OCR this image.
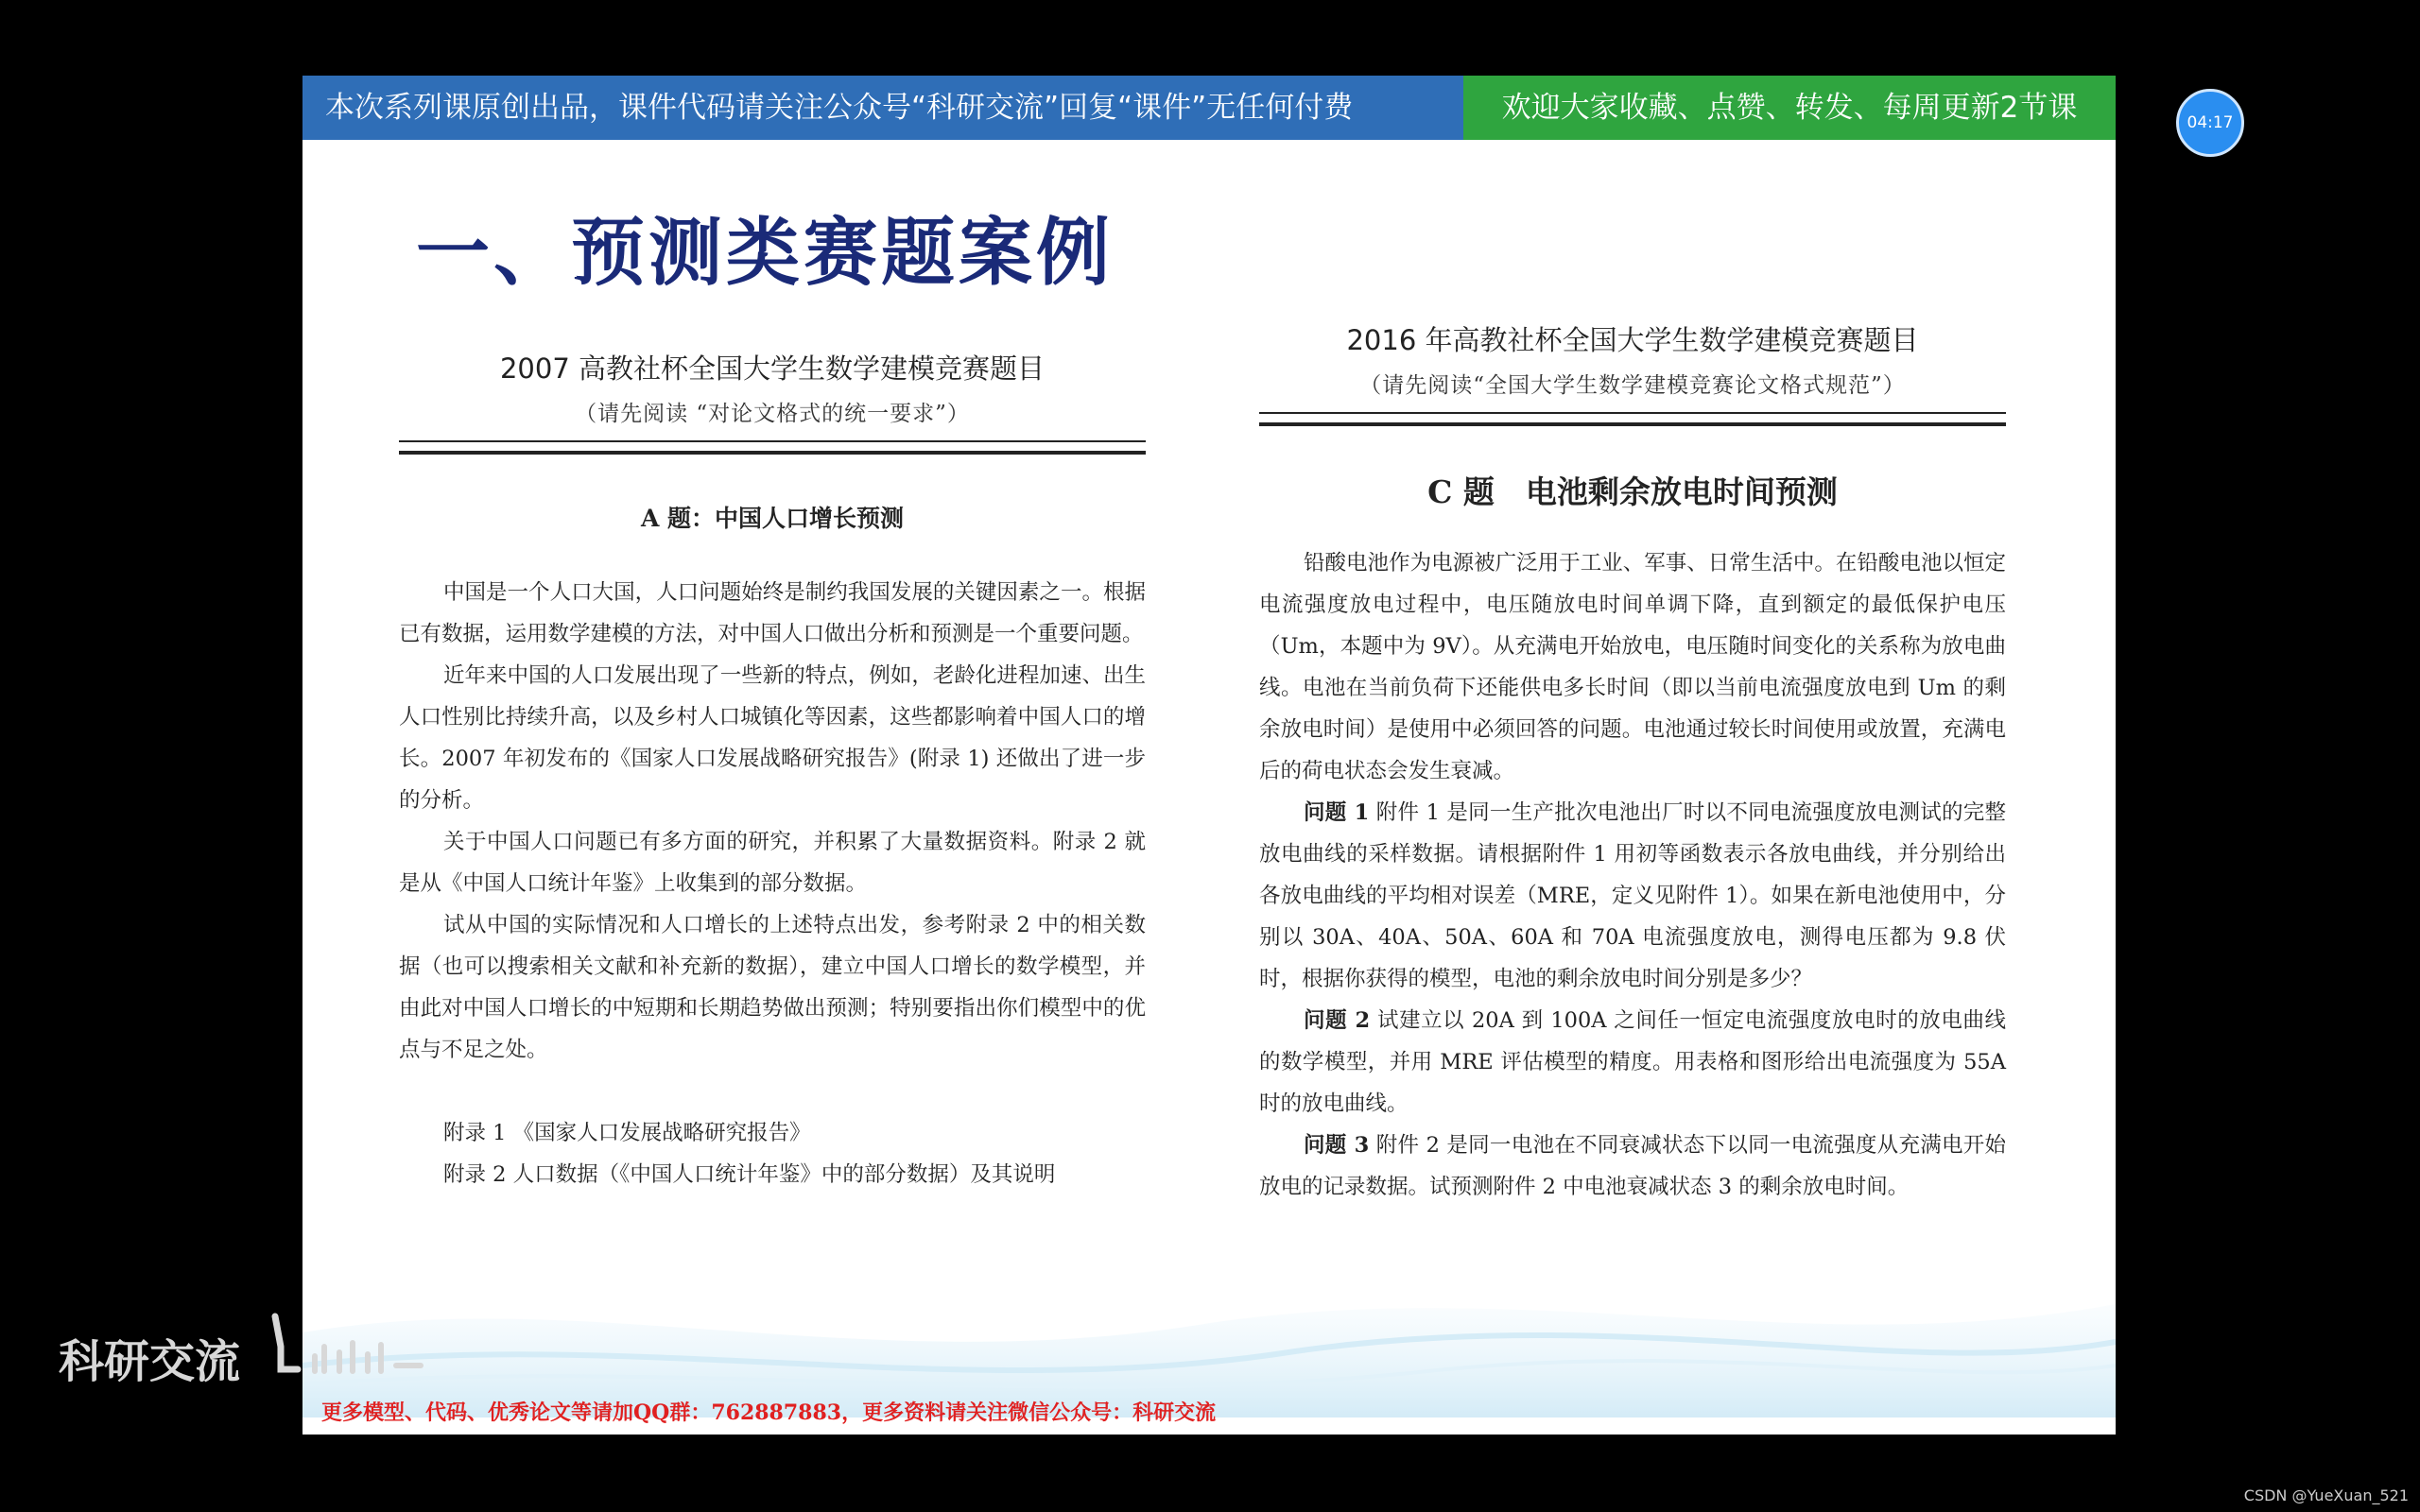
本次系列课原创出品，课件代码请关注公众号“科研交流”回复“课件”无任何付费	欢迎大家收藏、点赞、转发、每周更新2节课
一、预测类赛题案例
2007 高教社杯全国大学生数学建模竞赛题目
（请先阅读 “对论文格式的统一要求”）
A 题：中国人口增长预测

中国是一个人口大国，人口问题始终是制约我国发展的关键因素之一。根据已有数据，运用数学建模的方法，对中国人口做出分析和预测是一个重要问题。

近年来中国的人口发展出现了一些新的特点，例如，老龄化进程加速、出生人口性别比持续升高，以及乡村人口城镇化等因素，这些都影响着中国人口的增长。2007 年初发布的《国家人口发展战略研究报告》(附录 1) 还做出了进一步的分析。

关于中国人口问题已有多方面的研究，并积累了大量数据资料。附录 2 就是从《中国人口统计年鉴》上收集到的部分数据。

试从中国的实际情况和人口增长的上述特点出发，参考附录 2 中的相关数据（也可以搜索相关文献和补充新的数据），建立中国人口增长的数学模型，并由此对中国人口增长的中短期和长期趋势做出预测；特别要指出你们模型中的优点与不足之处。

附录 1 《国家人口发展战略研究报告》
附录 2 人口数据（《中国人口统计年鉴》中的部分数据）及其说明
2016 年高教社杯全国大学生数学建模竞赛题目
（请先阅读“全国大学生数学建模竞赛论文格式规范”）
C 题　电池剩余放电时间预测

铅酸电池作为电源被广泛用于工业、军事、日常生活中。在铅酸电池以恒定电流强度放电过程中，电压随放电时间单调下降，直到额定的最低保护电压（Um，本题中为 9V）。从充满电开始放电，电压随时间变化的关系称为放电曲线。电池在当前负荷下还能供电多长时间（即以当前电流强度放电到 Um 的剩余放电时间）是使用中必须回答的问题。电池通过较长时间使用或放置，充满电后的荷电状态会发生衰减。

问题 1 附件 1 是同一生产批次电池出厂时以不同电流强度放电测试的完整放电曲线的采样数据。请根据附件 1 用初等函数表示各放电曲线，并分别给出各放电曲线的平均相对误差（MRE，定义见附件 1）。如果在新电池使用中，分别以 30A、40A、50A、60A 和 70A 电流强度放电，测得电压都为 9.8 伏时，根据你获得的模型，电池的剩余放电时间分别是多少？

问题 2 试建立以 20A 到 100A 之间任一恒定电流强度放电时的放电曲线的数学模型，并用 MRE 评估模型的精度。用表格和图形给出电流强度为 55A 时的放电曲线。

问题 3 附件 2 是同一电池在不同衰减状态下以同一电流强度从充满电开始放电的记录数据。试预测附件 2 中电池衰减状态 3 的剩余放电时间。

更多模型、代码、优秀论文等请加QQ群：762887883，更多资料请关注微信公众号：科研交流
04:17
科研交流
CSDN @YueXuan_521
